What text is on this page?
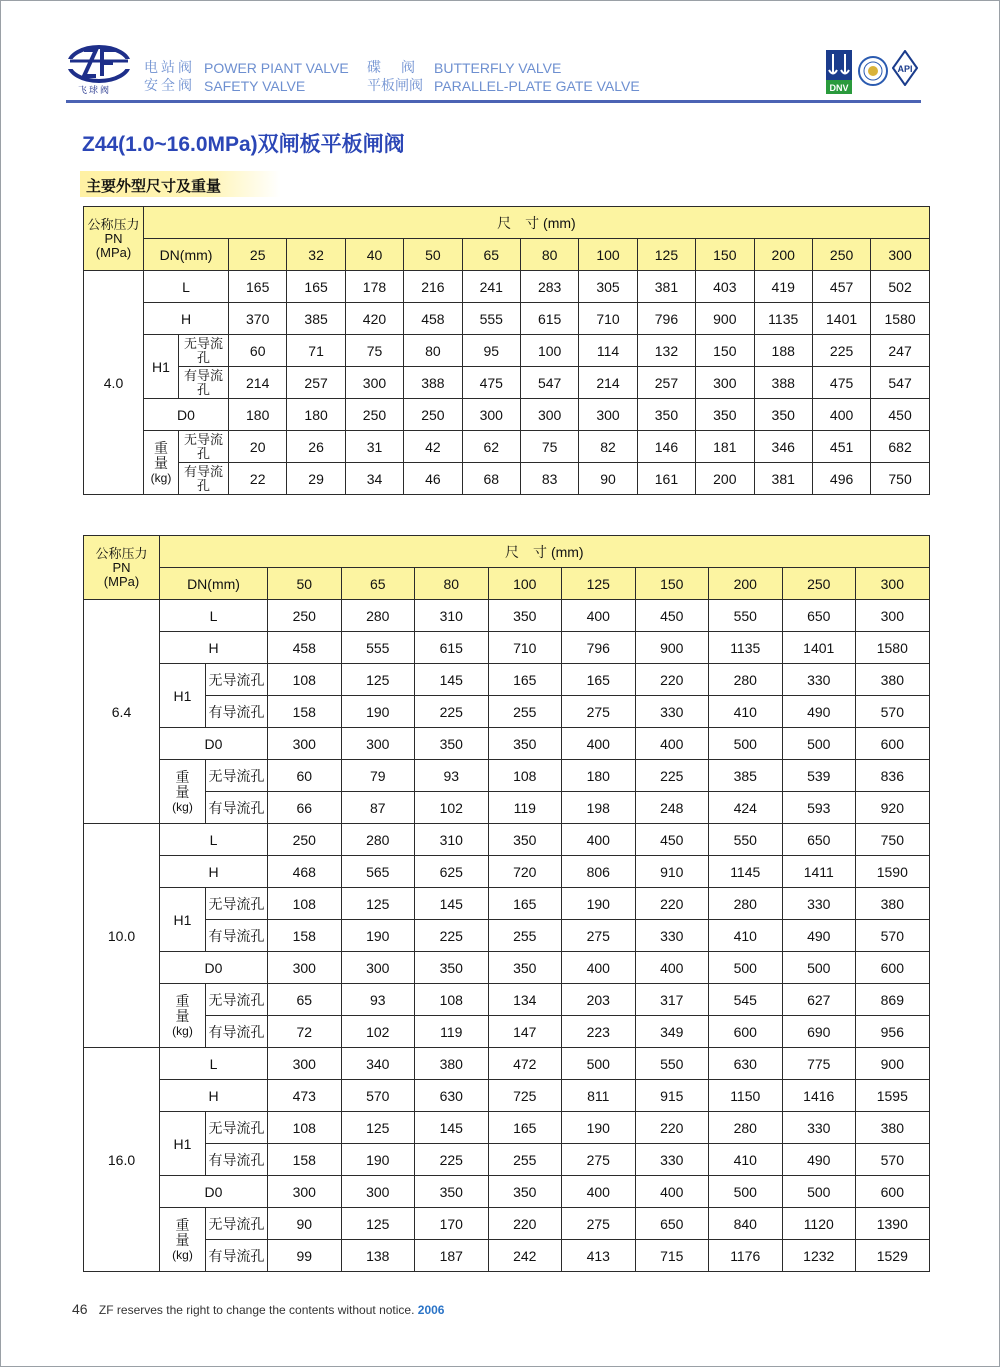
飞球阀
电站阀 POWER PIANT VALVE 碟　阀 BUTTERFLY VALVE
安全阀 SAFETY VALVE	平板闸阀 PARALLEL-PLATE GATE VALVE	DNV
API
Z44(1.0~16.0MPa)双闸板平板闸阀
主要外型尺寸及重量
公称压力
PN
(MPa)	尺　寸 (mm)													
	DN(mm)		25	32	40	50	65	80	100	125	150	200	250	300
4.0	L		165	165	178	216	241	283	305	381	403	419	457	502
	H		370	385	420	458	555	615	710	796	900	1135	1401	1580
	H1	无导流孔	60	71	75	80	95	100	114	132	150	188	225	247
		有导流孔	214	257	300	388	475	547	214	257	300	388	475	547
	D0		180	180	250	250	300	300	300	350	350	350	400	450
	重量
(kg)	无导流孔	20	26	31	42	62	75	82	146	181	346	451	682
		有导流孔	22	29	34	46	68	83	90	161	200	381	496	750
公称压力
PN
(MPa)	尺　寸 (mm)										
	DN(mm)		50	65	80	100	125	150	200	250	300
6.4	L		250	280	310	350	400	450	550	650	300
	H		458	555	615	710	796	900	1135	1401	1580
	H1	无导流孔	108	125	145	165	165	220	280	330	380
		有导流孔	158	190	225	255	275	330	410	490	570
	D0		300	300	350	350	400	400	500	500	600
	重量
(kg)	无导流孔	60	79	93	108	180	225	385	539	836
		有导流孔	66	87	102	119	198	248	424	593	920
10.0	L		250	280	310	350	400	450	550	650	750
	H		468	565	625	720	806	910	1145	1411	1590
	H1	无导流孔	108	125	145	165	190	220	280	330	380
		有导流孔	158	190	225	255	275	330	410	490	570
	D0		300	300	350	350	400	400	500	500	600
	重量
(kg)	无导流孔	65	93	108	134	203	317	545	627	869
		有导流孔	72	102	119	147	223	349	600	690	956
16.0	L		300	340	380	472	500	550	630	775	900
	H		473	570	630	725	811	915	1150	1416	1595
	H1	无导流孔	108	125	145	165	190	220	280	330	380
		有导流孔	158	190	225	255	275	330	410	490	570
	D0		300	300	350	350	400	400	500	500	600
	重量
(kg)	无导流孔	90	125	170	220	275	650	840	1120	1390
		有导流孔	99	138	187	242	413	715	1176	1232	1529
46 ZF reserves the right to change the contents without notice. 2006
